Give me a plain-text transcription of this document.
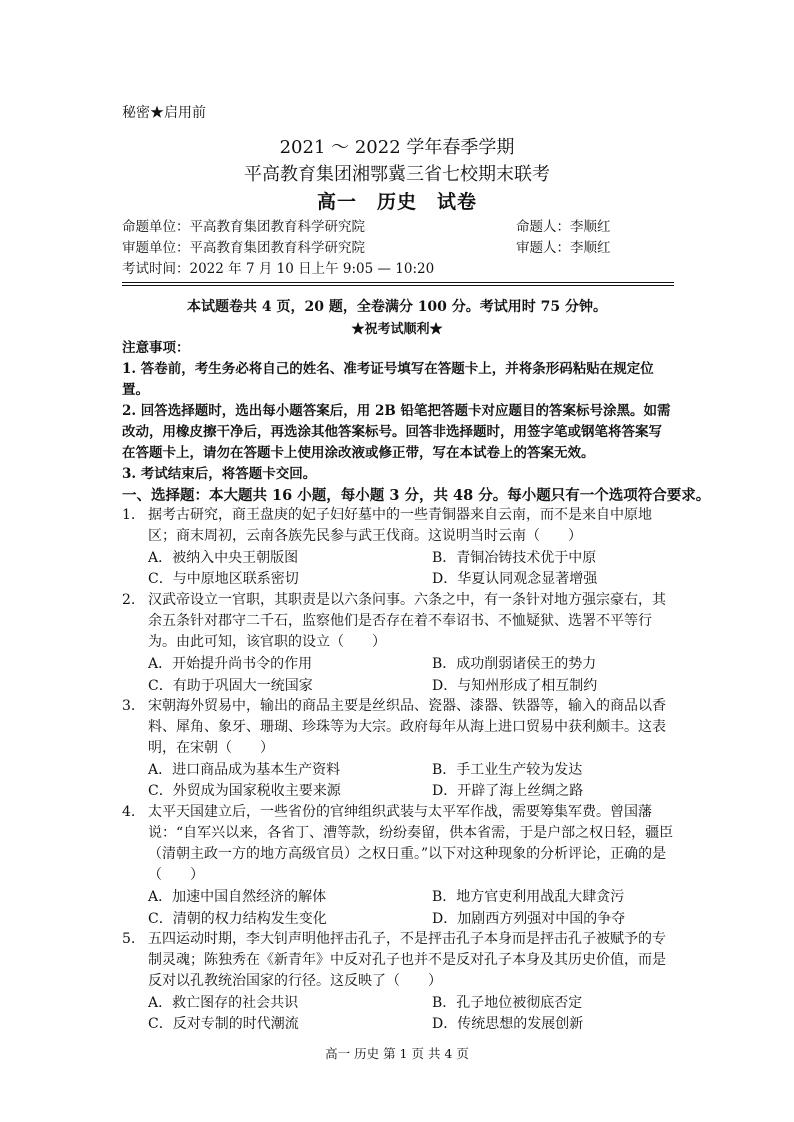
秘密★启用前
2021 ～ 2022 学年春季学期
平高教育集团湘鄂冀三省七校期末联考
高一　历史　试卷
命题单位：平高教育集团教育科学研究院	命题人：李顺红
审题单位：平高教育集团教育科学研究院	审题人：李顺红
考试时间：2022 年 7 月 10 日上午 9:05 — 10:20
本试题卷共 4 页，20 题，全卷满分 100 分。考试用时 75 分钟。
★祝考试顺利★
注意事项：
1. 答卷前，考生务必将自己的姓名、准考证号填写在答题卡上，并将条形码粘贴在规定位置。
2. 回答选择题时，选出每小题答案后，用 2B 铅笔把答题卡对应题目的答案标号涂黑。如需改动，用橡皮擦干净后，再选涂其他答案标号。回答非选择题时，用签字笔或钢笔将答案写在答题卡上，请勿在答题卡上使用涂改液或修正带，写在本试卷上的答案无效。
3. 考试结束后，将答题卡交回。
一、选择题：本大题共 16 小题，每小题 3 分，共 48 分。每小题只有一个选项符合要求。
1. 据考古研究，商王盘庚的妃子妇好墓中的一些青铜器来自云南，而不是来自中原地区；商末周初，云南各族先民参与武王伐商。这说明当时云南（　　）
A．被纳入中央王朝版图	B．青铜冶铸技术优于中原
C．与中原地区联系密切	D．华夏认同观念显著增强
2. 汉武帝设立一官职，其职责是以六条问事。六条之中，有一条针对地方强宗豪右，其余五条针对郡守二千石，监察他们是否存在着不奉诏书、不恤疑狱、选署不平等行为。由此可知，该官职的设立（　　）
A．开始提升尚书令的作用	B．成功削弱诸侯王的势力
C．有助于巩固大一统国家	D．与知州形成了相互制约
3. 宋朝海外贸易中，输出的商品主要是丝织品、瓷器、漆器、铁器等，输入的商品以香料、犀角、象牙、珊瑚、珍珠等为大宗。政府每年从海上进口贸易中获利颇丰。这表明，在宋朝（　　）
A．进口商品成为基本生产资料	B．手工业生产较为发达
C．外贸成为国家税收主要来源	D．开辟了海上丝绸之路
4. 太平天国建立后，一些省份的官绅组织武装与太平军作战，需要筹集军费。曾国藩说：“自军兴以来，各省丁、漕等款，纷纷奏留，供本省需，于是户部之权日轻，疆臣（清朝主政一方的地方高级官员）之权日重。”以下对这种现象的分析评论，正确的是（　　）
A．加速中国自然经济的解体	B．地方官吏利用战乱大肆贪污
C．清朝的权力结构发生变化	D．加剧西方列强对中国的争夺
5. 五四运动时期，李大钊声明他抨击孔子，不是抨击孔子本身而是抨击孔子被赋予的专制灵魂；陈独秀在《新青年》中反对孔子也并不是反对孔子本身及其历史价值，而是反对以孔教统治国家的行径。这反映了（　　）
A．救亡图存的社会共识	B．孔子地位被彻底否定
C．反对专制的时代潮流	D．传统思想的发展创新
高一 历史 第 1 页 共 4 页
